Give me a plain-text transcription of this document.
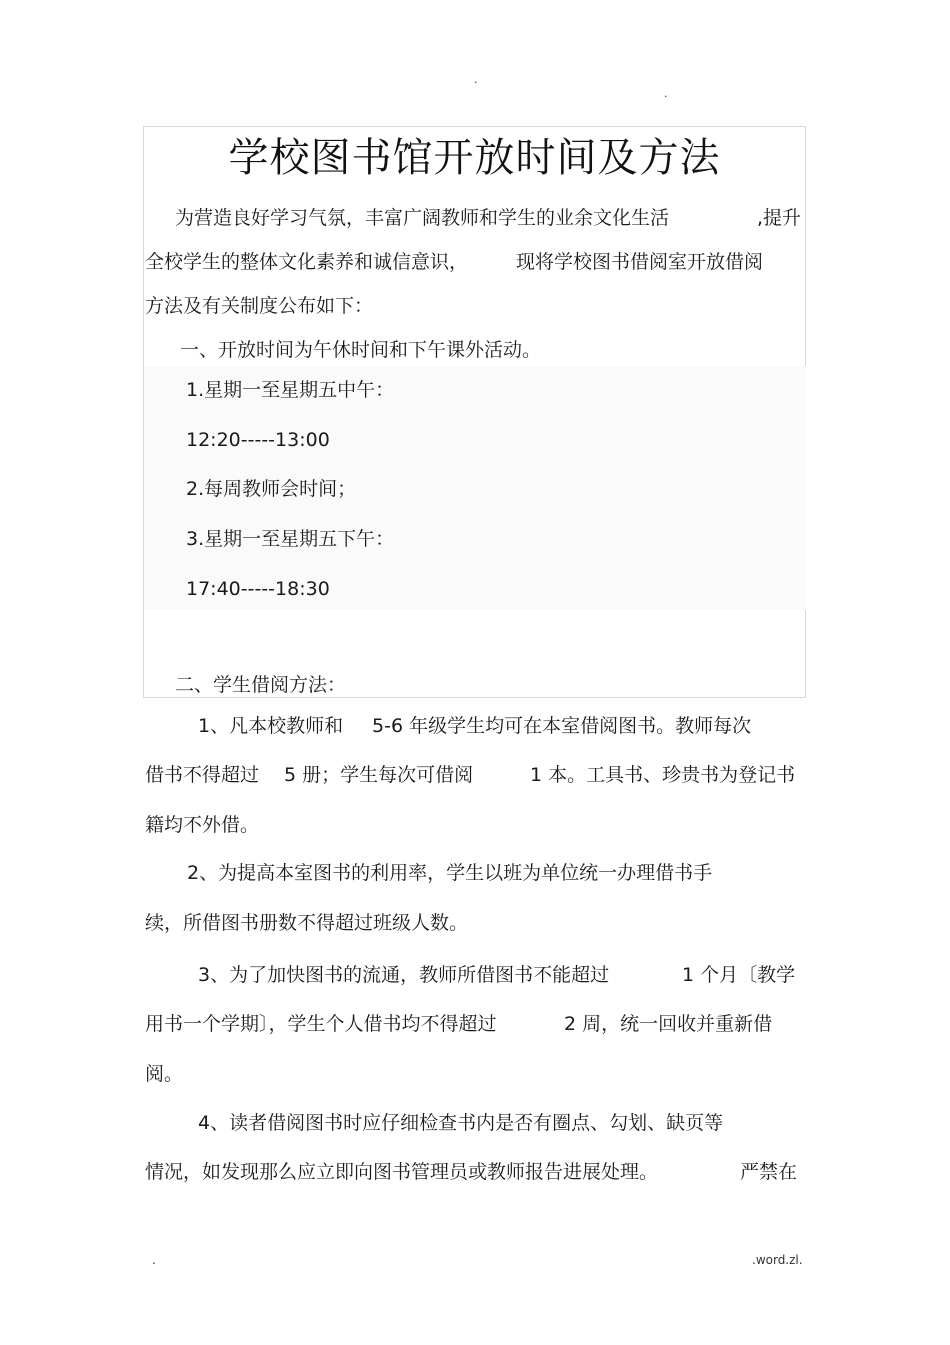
.
.
学校图书馆开放时间及方法
为营造良好学习气氛，丰富广阔教师和学生的业余文化生活	,提升
全校学生的整体文化素养和诚信意识，	现将学校图书借阅室开放借阅
方法及有关制度公布如下：
一、开放时间为午休时间和下午课外活动。
1.星期一至星期五中午：
12:20-----13:00
2.每周教师会时间；
3.星期一至星期五下午：
17:40-----18:30
二、学生借阅方法：
1、凡本校教师和 5-6 年级学生均可在本室借阅图书。教师每次
借书不得超过 5 册；学生每次可借阅	1 本。工具书、珍贵书为登记书
籍均不外借。
2、为提高本室图书的利用率，学生以班为单位统一办理借书手
续，所借图书册数不得超过班级人数。
3、为了加快图书的流通，教师所借图书不能超过	1 个月〔教学
用书一个学期〕，学生个人借书均不得超过	2 周，统一回收并重新借
阅。
4、读者借阅图书时应仔细检查书内是否有圈点、勾划、缺页等
情况，如发现那么应立即向图书管理员或教师报告进展处理。	严禁在
.	.word.zl.
